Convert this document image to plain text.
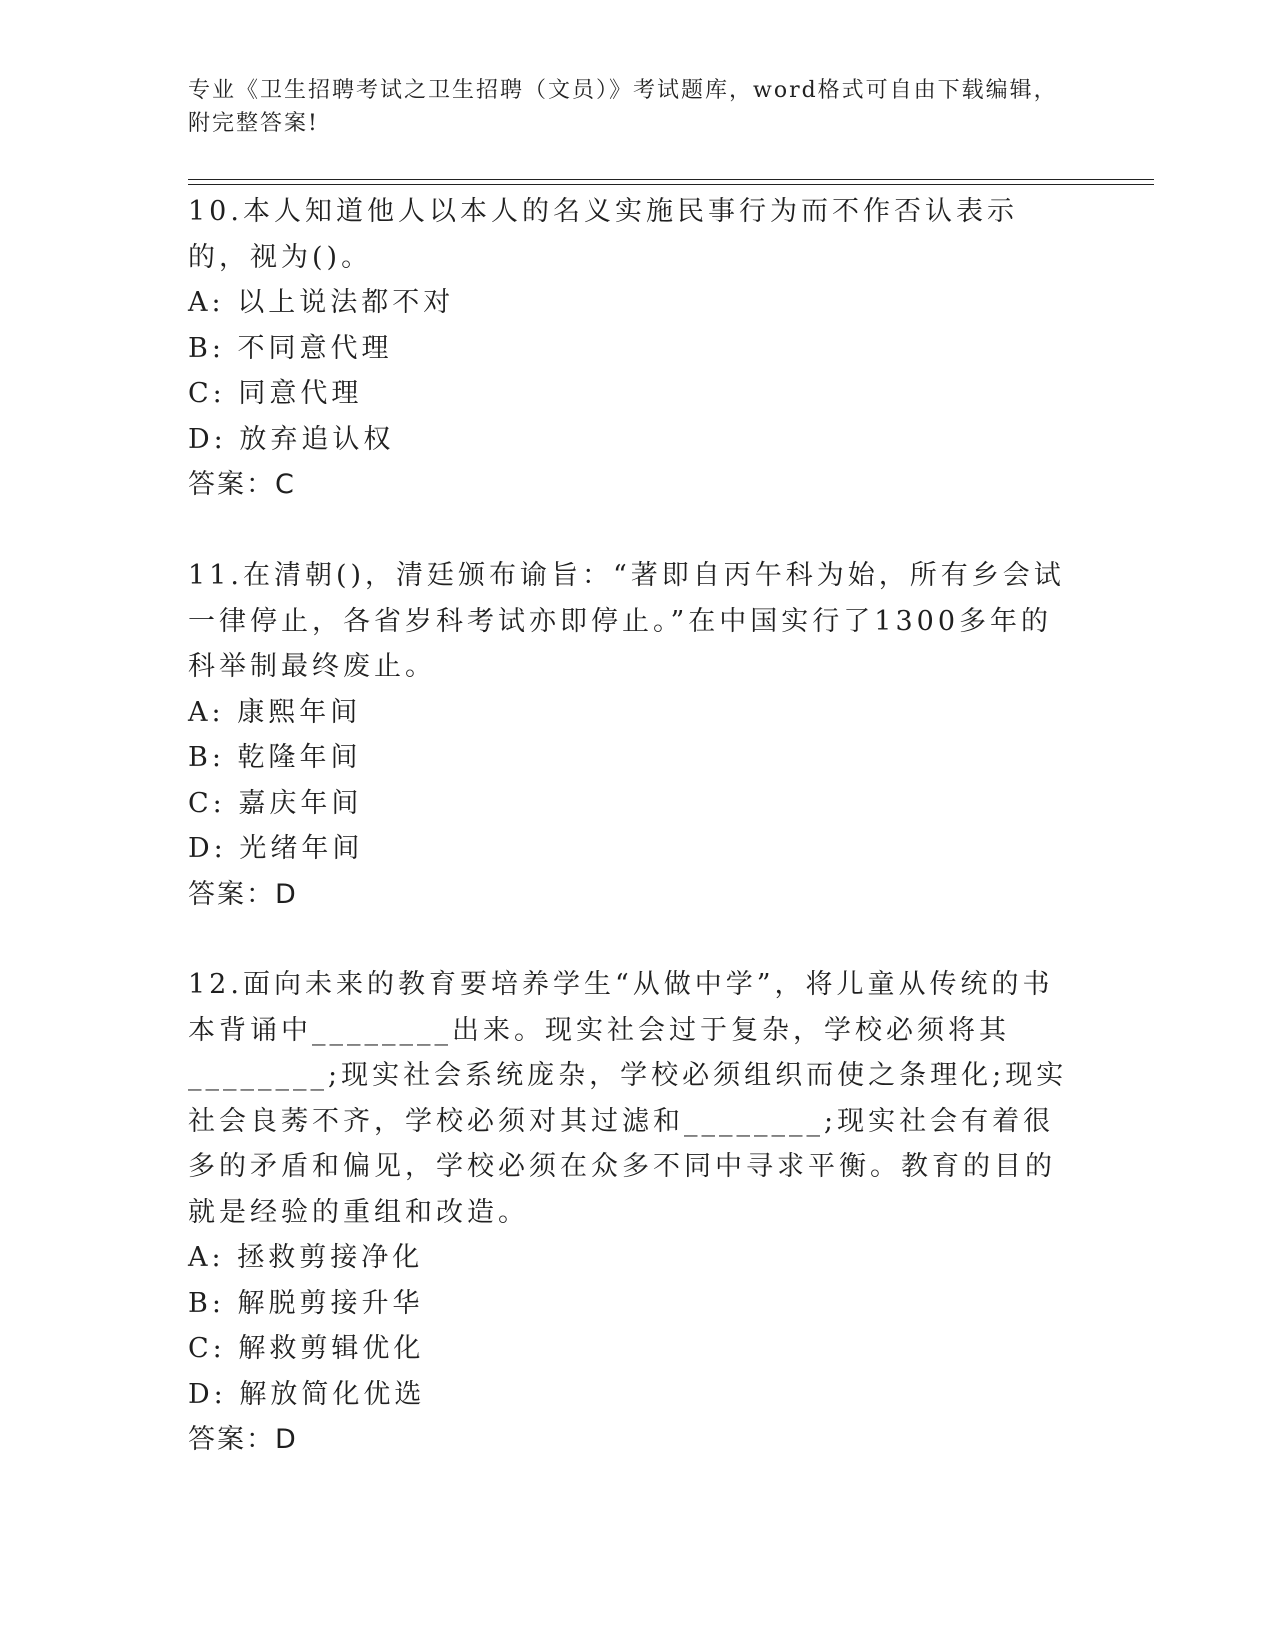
专业《卫生招聘考试之卫生招聘（文员）》考试题库，word格式可自由下载编辑，附完整答案!

10.本人知道他人以本人的名义实施民事行为而不作否认表示的，视为()。

A: 以上说法都不对

B: 不同意代理

C: 同意代理

D: 放弃追认权

答案：C

11.在清朝()，清廷颁布谕旨：“著即自丙午科为始，所有乡会试一律停止，各省岁科考试亦即停止。”在中国实行了1300多年的科举制最终废止。

A: 康熙年间

B: 乾隆年间

C: 嘉庆年间

D: 光绪年间

答案：D

12.面向未来的教育要培养学生“从做中学”，将儿童从传统的书本背诵中________出来。现实社会过于复杂，学校必须将其________;现实社会系统庞杂，学校必须组织而使之条理化;现实社会良莠不齐，学校必须对其过滤和________;现实社会有着很多的矛盾和偏见，学校必须在众多不同中寻求平衡。教育的目的就是经验的重组和改造。

A: 拯救剪接净化

B: 解脱剪接升华

C: 解救剪辑优化

D: 解放简化优选

答案：D
